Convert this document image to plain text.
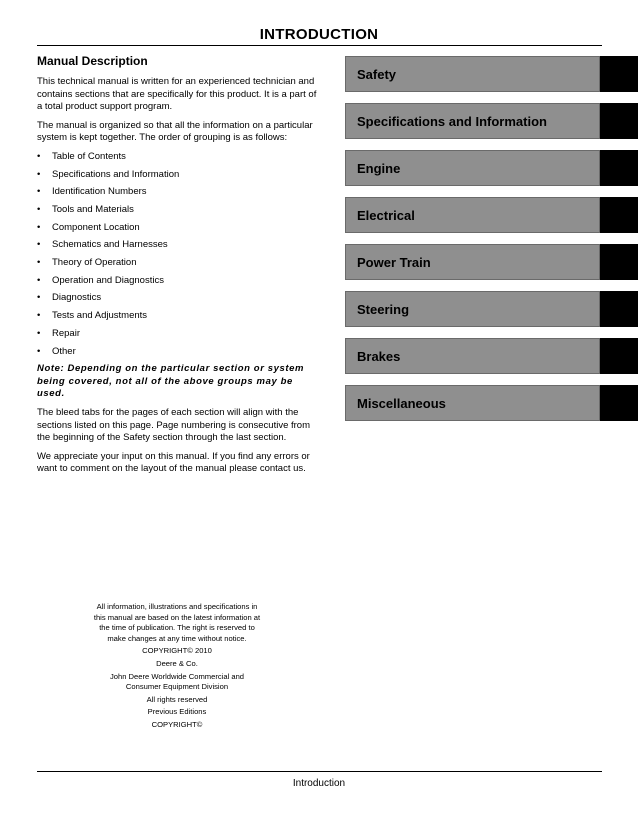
INTRODUCTION
Manual Description

This technical manual is written for an experienced technician and contains sections that are specifically for this product. It is a part of a total product support program.

The manual is organized so that all the information on a particular system is kept together. The order of grouping is as follows:

• Table of Contents
• Specifications and Information
• Identification Numbers
• Tools and Materials
• Component Location
• Schematics and Harnesses
• Theory of Operation
• Operation and Diagnostics
• Diagnostics
• Tests and Adjustments
• Repair
• Other

Note: Depending on the particular section or system being covered, not all of the above groups may be used.

The bleed tabs for the pages of each section will align with the sections listed on this page. Page numbering is consecutive from the beginning of the Safety section through the last section.

We appreciate your input on this manual. If you find any errors or want to comment on the layout of the manual please contact us.

Safety
Specifications and Information
Engine
Electrical
Power Train
Steering
Brakes
Miscellaneous

All information, illustrations and specifications in this manual are based on the latest information at the time of publication. The right is reserved to make changes at any time without notice.

COPYRIGHT© 2010

Deere & Co.

John Deere Worldwide Commercial and Consumer Equipment Division

All rights reserved

Previous Editions

COPYRIGHT©

Introduction
